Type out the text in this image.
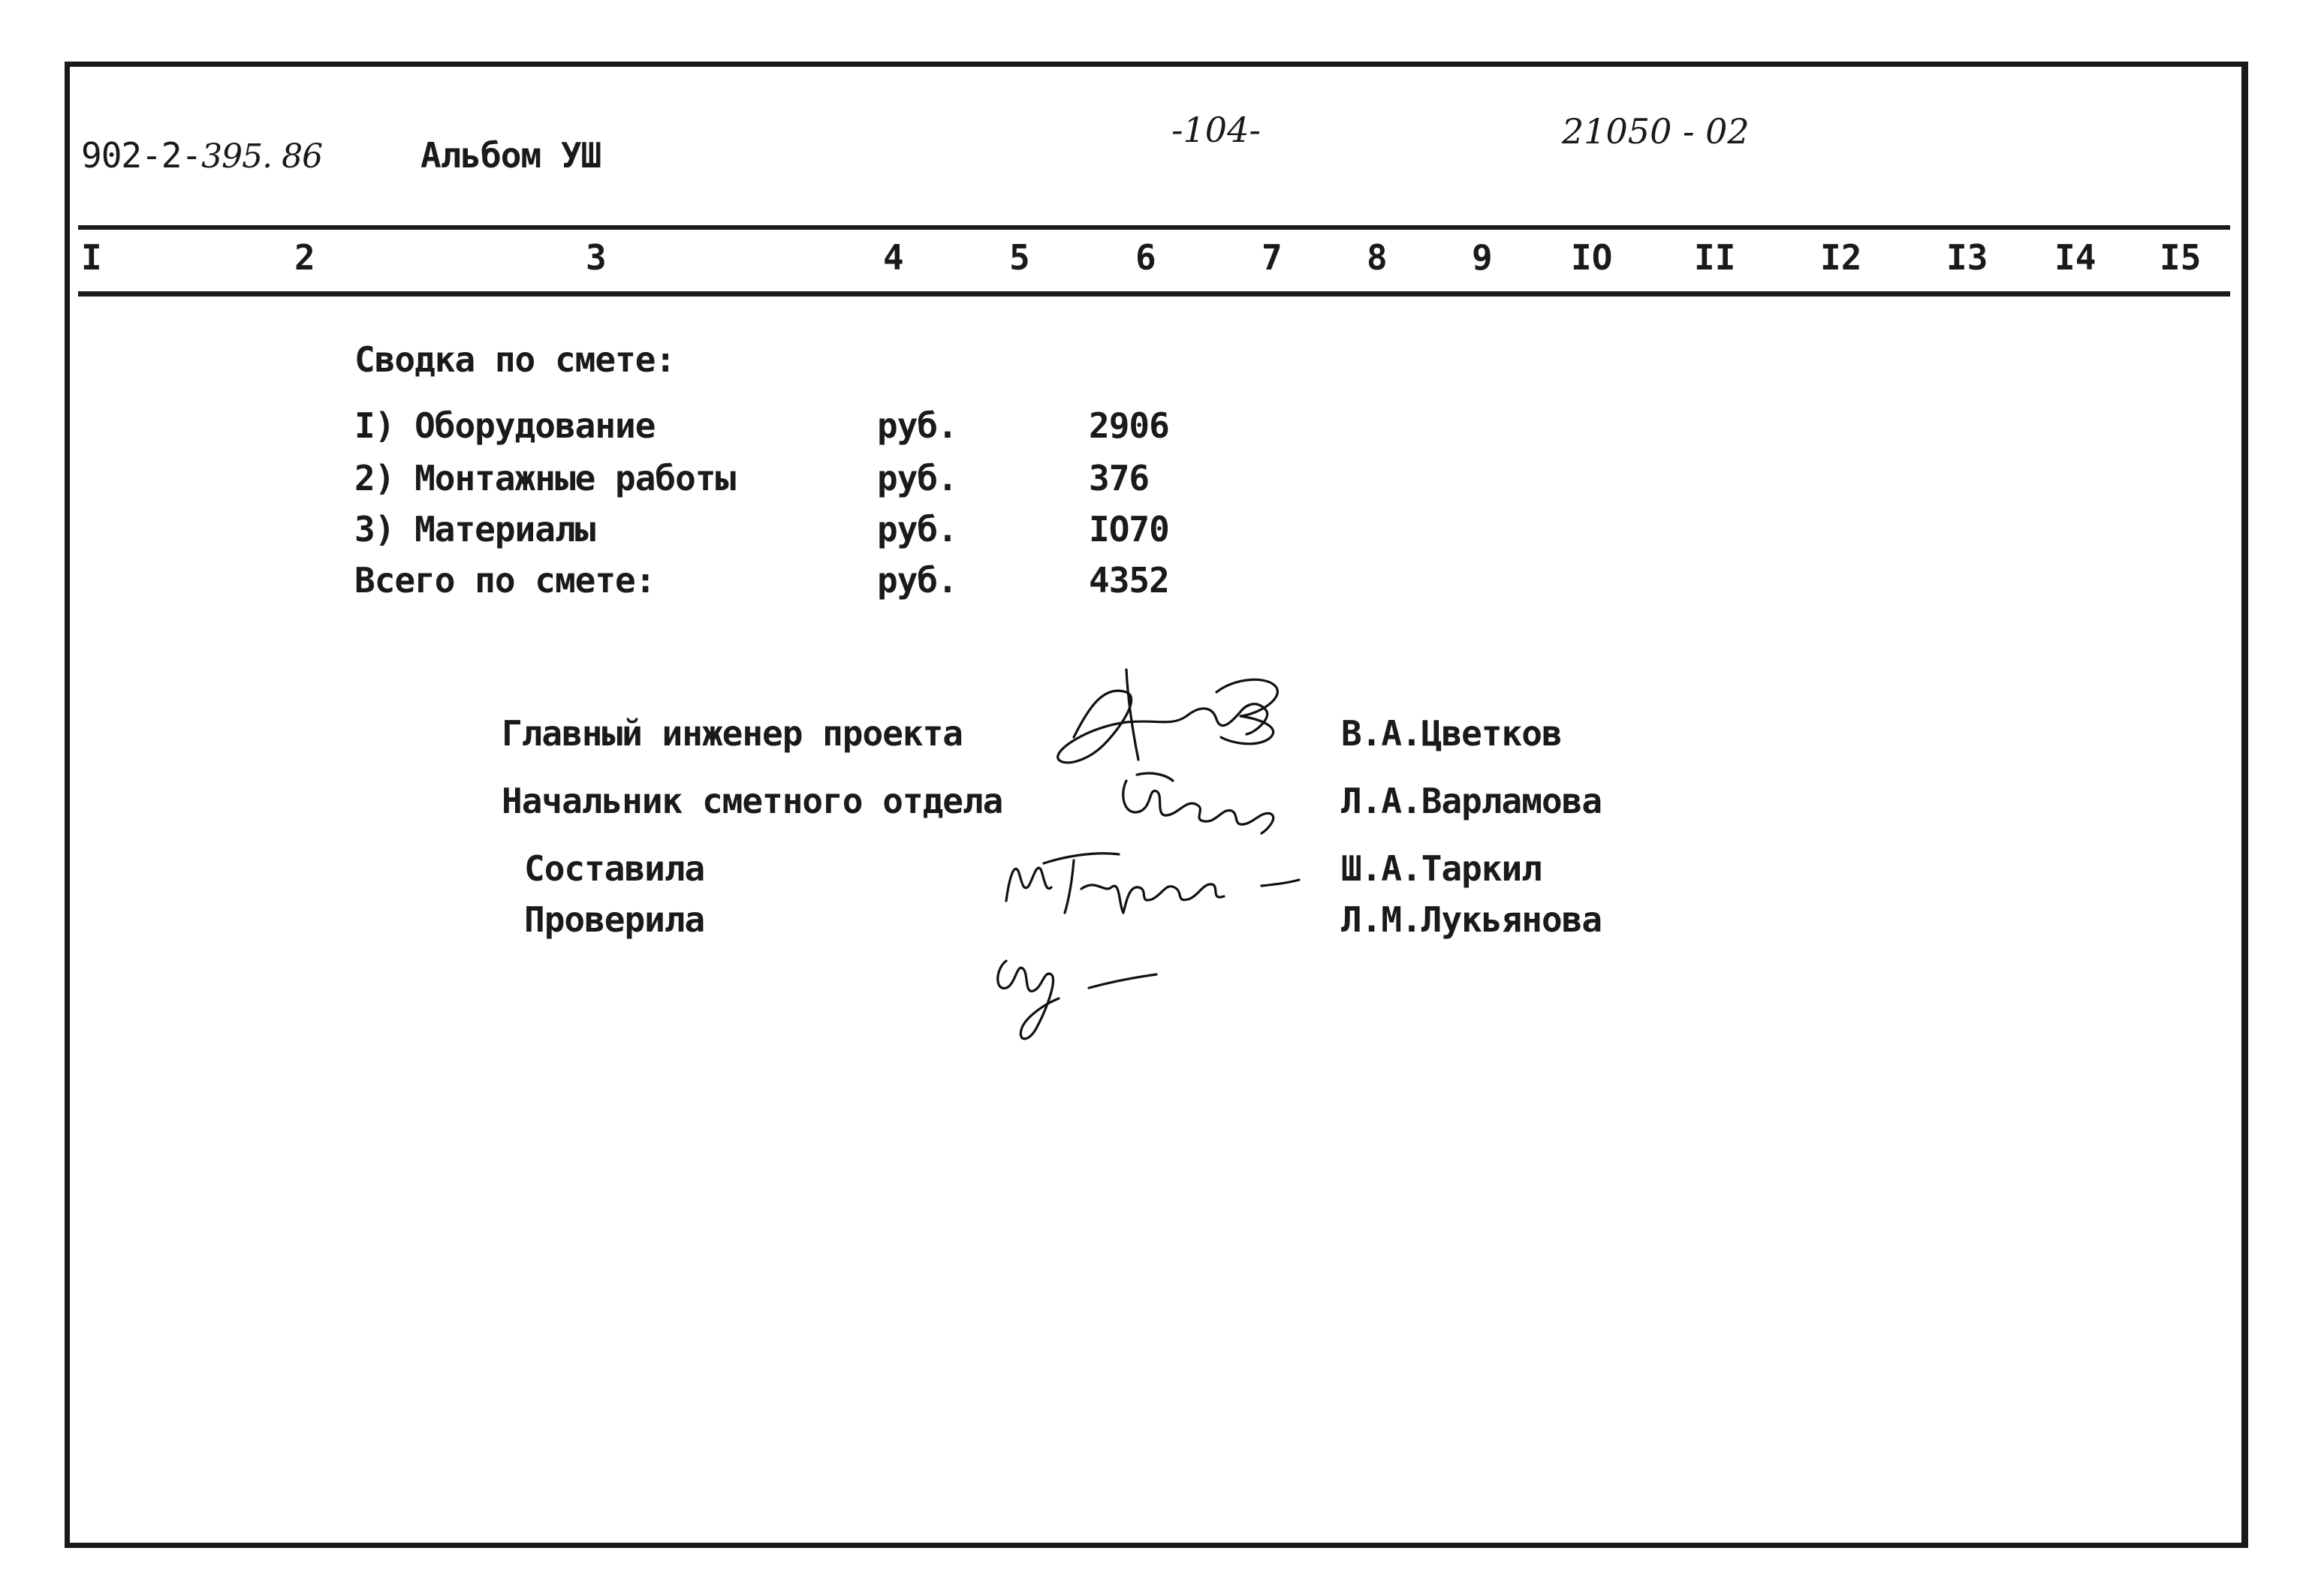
902-2-395. 86	Альбом УШ
-104-	21050 - 02
I	2	3	4	5	6	7 8 9 IO II I2 I3 I4 I5
Сводка по смете:
I) Оборудование	руб.	2906
2) Монтажные работы	руб.	376
3) Материалы	руб.	IO70
Всего по смете:	руб.	4352
Главный инженер проекта	В.А.Цветков
Начальник сметного отдела	Л.А.Варламова
Составила	Ш.А.Таркил
Проверила	Л.М.Лукьянова
